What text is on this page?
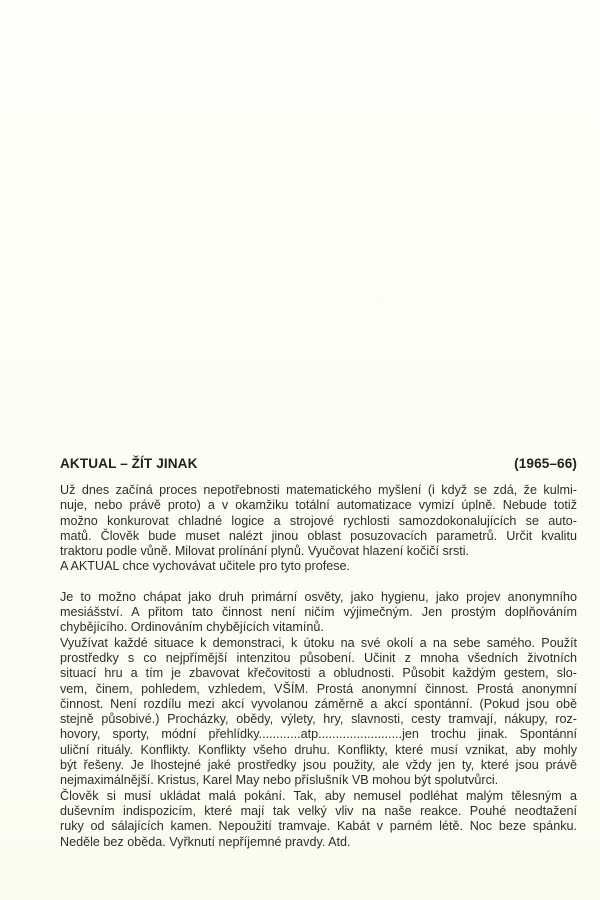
AKTUAL – ŽÍT JINAK	(1965–66)
Už dnes začíná proces nepotřebnosti matematického myšlení (i když se zdá, že kulmi-
nuje, nebo právě proto) a v okamžiku totální automatizace vymizí úplně. Nebude totiž
možno konkurovat chladné logice a strojové rychlosti samozdokonalujících se auto-
matů. Člověk bude muset nalézt jinou oblast posuzovacích parametrů. Určit kvalitu
traktoru podle vůně. Milovat prolínání plynů. Vyučovat hlazení kočičí srsti.
A AKTUAL chce vychovávat učitele pro tyto profese.
Je to možno chápat jako druh primární osvěty, jako hygienu, jako projev anonymního
mesiášství. A přitom tato činnost není ničím výjimečným. Jen prostým doplňováním
chybějícího. Ordinováním chybějících vitamínů.
Využívat každé situace k demonstraci, k útoku na své okolí a na sebe samého. Použít
prostředky s co nejpřímější intenzitou působení. Učinit z mnoha všedních životních
situací hru a tím je zbavovat křečovitosti a obludnosti. Působit každým gestem, slo-
vem, činem, pohledem, vzhledem, VŠÍM. Prostá anonymní činnost. Prostá anonymní
činnost. Není rozdílu mezi akcí vyvolanou záměrně a akcí spontánní. (Pokud jsou obě
stejně působivé.) Procházky, obědy, výlety, hry, slavnosti, cesty tramvají, nákupy, roz-
hovory, sporty, módní přehlídky............atp........................jen trochu jinak. Spontánní
uliční rituály. Konflikty. Konflikty všeho druhu. Konflikty, které musí vznikat, aby mohly
být řešeny. Je lhostejné jaké prostředky jsou použity, ale vždy jen ty, které jsou právě
nejmaximálnější. Kristus, Karel May nebo příslušník VB mohou být spolutvůrci.
Člověk si musí ukládat malá pokání. Tak, aby nemusel podléhat malým tělesným a
duševním indispozicím, které mají tak velký vliv na naše reakce. Pouhé neodtažení
ruky od sálajících kamen. Nepoužití tramvaje. Kabát v parném létě. Noc beze spánku.
Neděle bez oběda. Vyřknutí nepříjemné pravdy. Atd.
